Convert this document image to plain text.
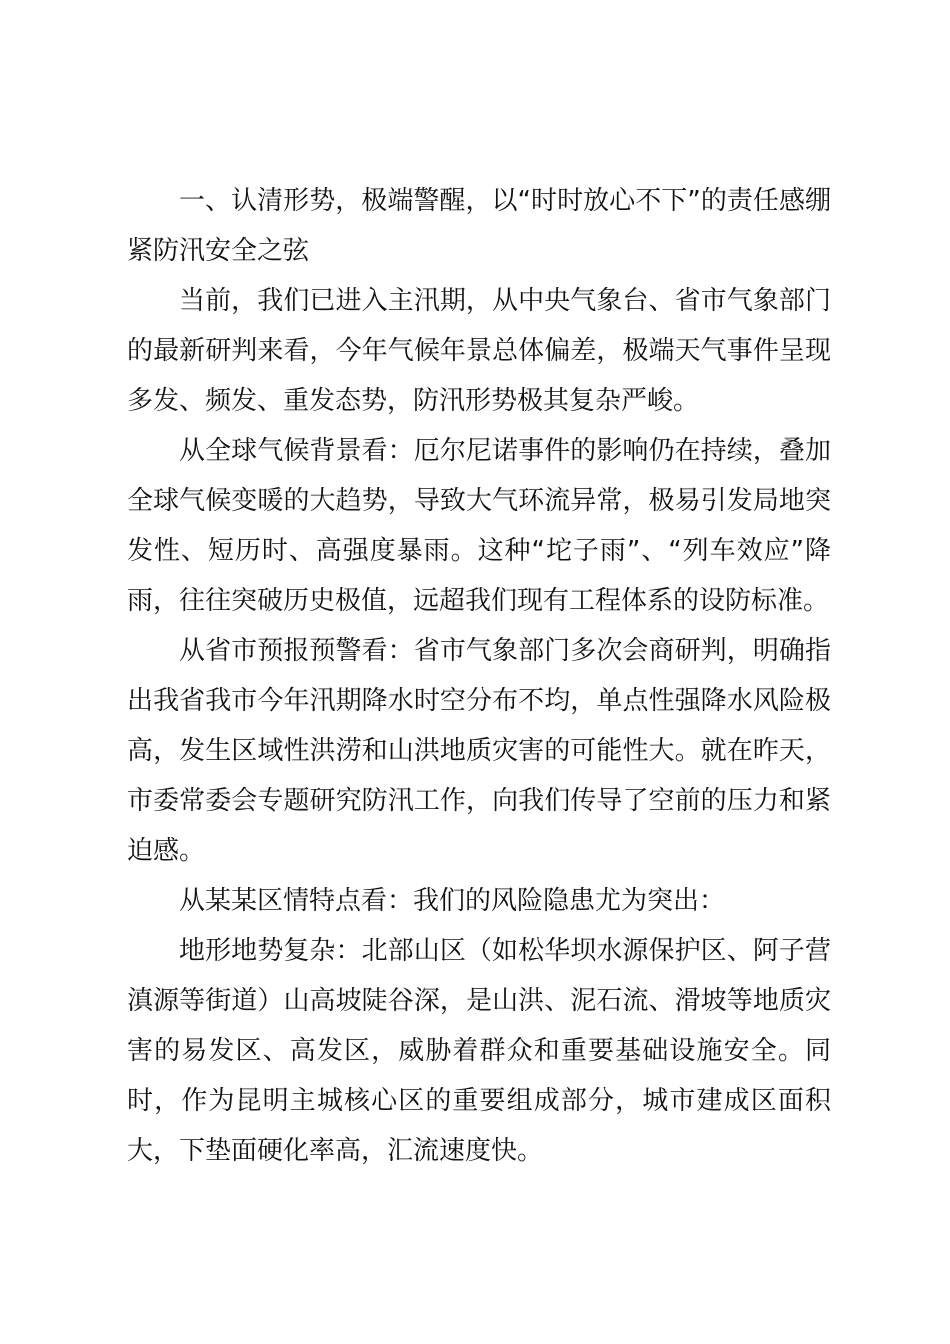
一、认清形势，极端警醒，以“时时放心不下”的责任感绷紧防汛安全之弦

当前，我们已进入主汛期，从中央气象台、省市气象部门的最新研判来看，今年气候年景总体偏差，极端天气事件呈现多发、频发、重发态势，防汛形势极其复杂严峻。

从全球气候背景看：厄尔尼诺事件的影响仍在持续，叠加全球气候变暖的大趋势，导致大气环流异常，极易引发局地突发性、短历时、高强度暴雨。这种“坨子雨”、“列车效应”降雨，往往突破历史极值，远超我们现有工程体系的设防标准。

从省市预报预警看：省市气象部门多次会商研判，明确指出我省我市今年汛期降水时空分布不均，单点性强降水风险极高，发生区域性洪涝和山洪地质灾害的可能性大。就在昨天，市委常委会专题研究防汛工作，向我们传导了空前的压力和紧迫感。

从某某区情特点看：我们的风险隐患尤为突出：

地形地势复杂：北部山区（如松华坝水源保护区、阿子营滇源等街道）山高坡陡谷深，是山洪、泥石流、滑坡等地质灾害的易发区、高发区，威胁着群众和重要基础设施安全。同时，作为昆明主城核心区的重要组成部分，城市建成区面积大，下垫面硬化率高，汇流速度快。
